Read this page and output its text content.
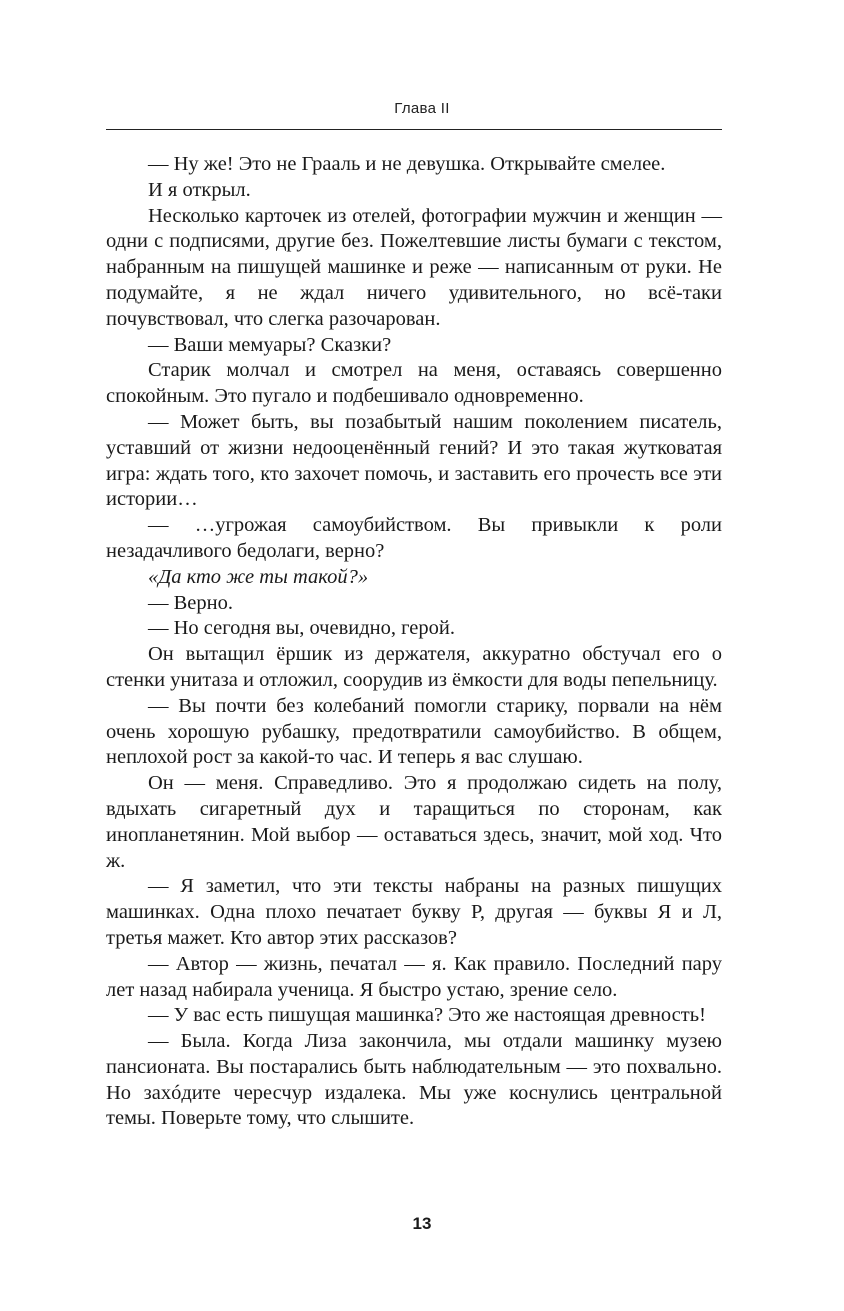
Глава II

— Ну же! Это не Грааль и не девушка. Открывайте смелее.

И я открыл.

Несколько карточек из отелей, фотографии мужчин и женщин — одни с подписями, другие без. Пожелтевшие листы бумаги с текстом, набранным на пишущей машинке и реже — написанным от руки. Не подумайте, я не ждал ничего удивительного, но всё-таки почувствовал, что слегка разочарован.

— Ваши мемуары? Сказки?

Старик молчал и смотрел на меня, оставаясь совершенно спокойным. Это пугало и подбешивало одновременно.

— Может быть, вы позабытый нашим поколением писатель, уставший от жизни недооценённый гений? И это такая жутковатая игра: ждать того, кто захочет помочь, и заставить его прочесть все эти истории…

— …угрожая самоубийством. Вы привыкли к роли незадачливого бедолаги, верно?

«Да кто же ты такой?»

— Верно.

— Но сегодня вы, очевидно, герой.

Он вытащил ёршик из держателя, аккуратно обстучал его о стенки унитаза и отложил, соорудив из ёмкости для воды пепельницу.

— Вы почти без колебаний помогли старику, порвали на нём очень хорошую рубашку, предотвратили самоубийство. В общем, неплохой рост за какой-то час. И теперь я вас слушаю.

Он — меня. Справедливо. Это я продолжаю сидеть на полу, вдыхать сигаретный дух и таращиться по сторонам, как инопланетянин. Мой выбор — оставаться здесь, значит, мой ход. Что ж.

— Я заметил, что эти тексты набраны на разных пишущих машинках. Одна плохо печатает букву Р, другая — буквы Я и Л, третья мажет. Кто автор этих рассказов?

— Автор — жизнь, печатал — я. Как правило. Последний пару лет назад набирала ученица. Я быстро устаю, зрение село.

— У вас есть пишущая машинка? Это же настоящая древность!

— Была. Когда Лиза закончила, мы отдали машинку музею пансионата. Вы постарались быть наблюдательным — это похвально. Но захóдите чересчур издалека. Мы уже коснулись центральной темы. Поверьте тому, что слышите.

13
